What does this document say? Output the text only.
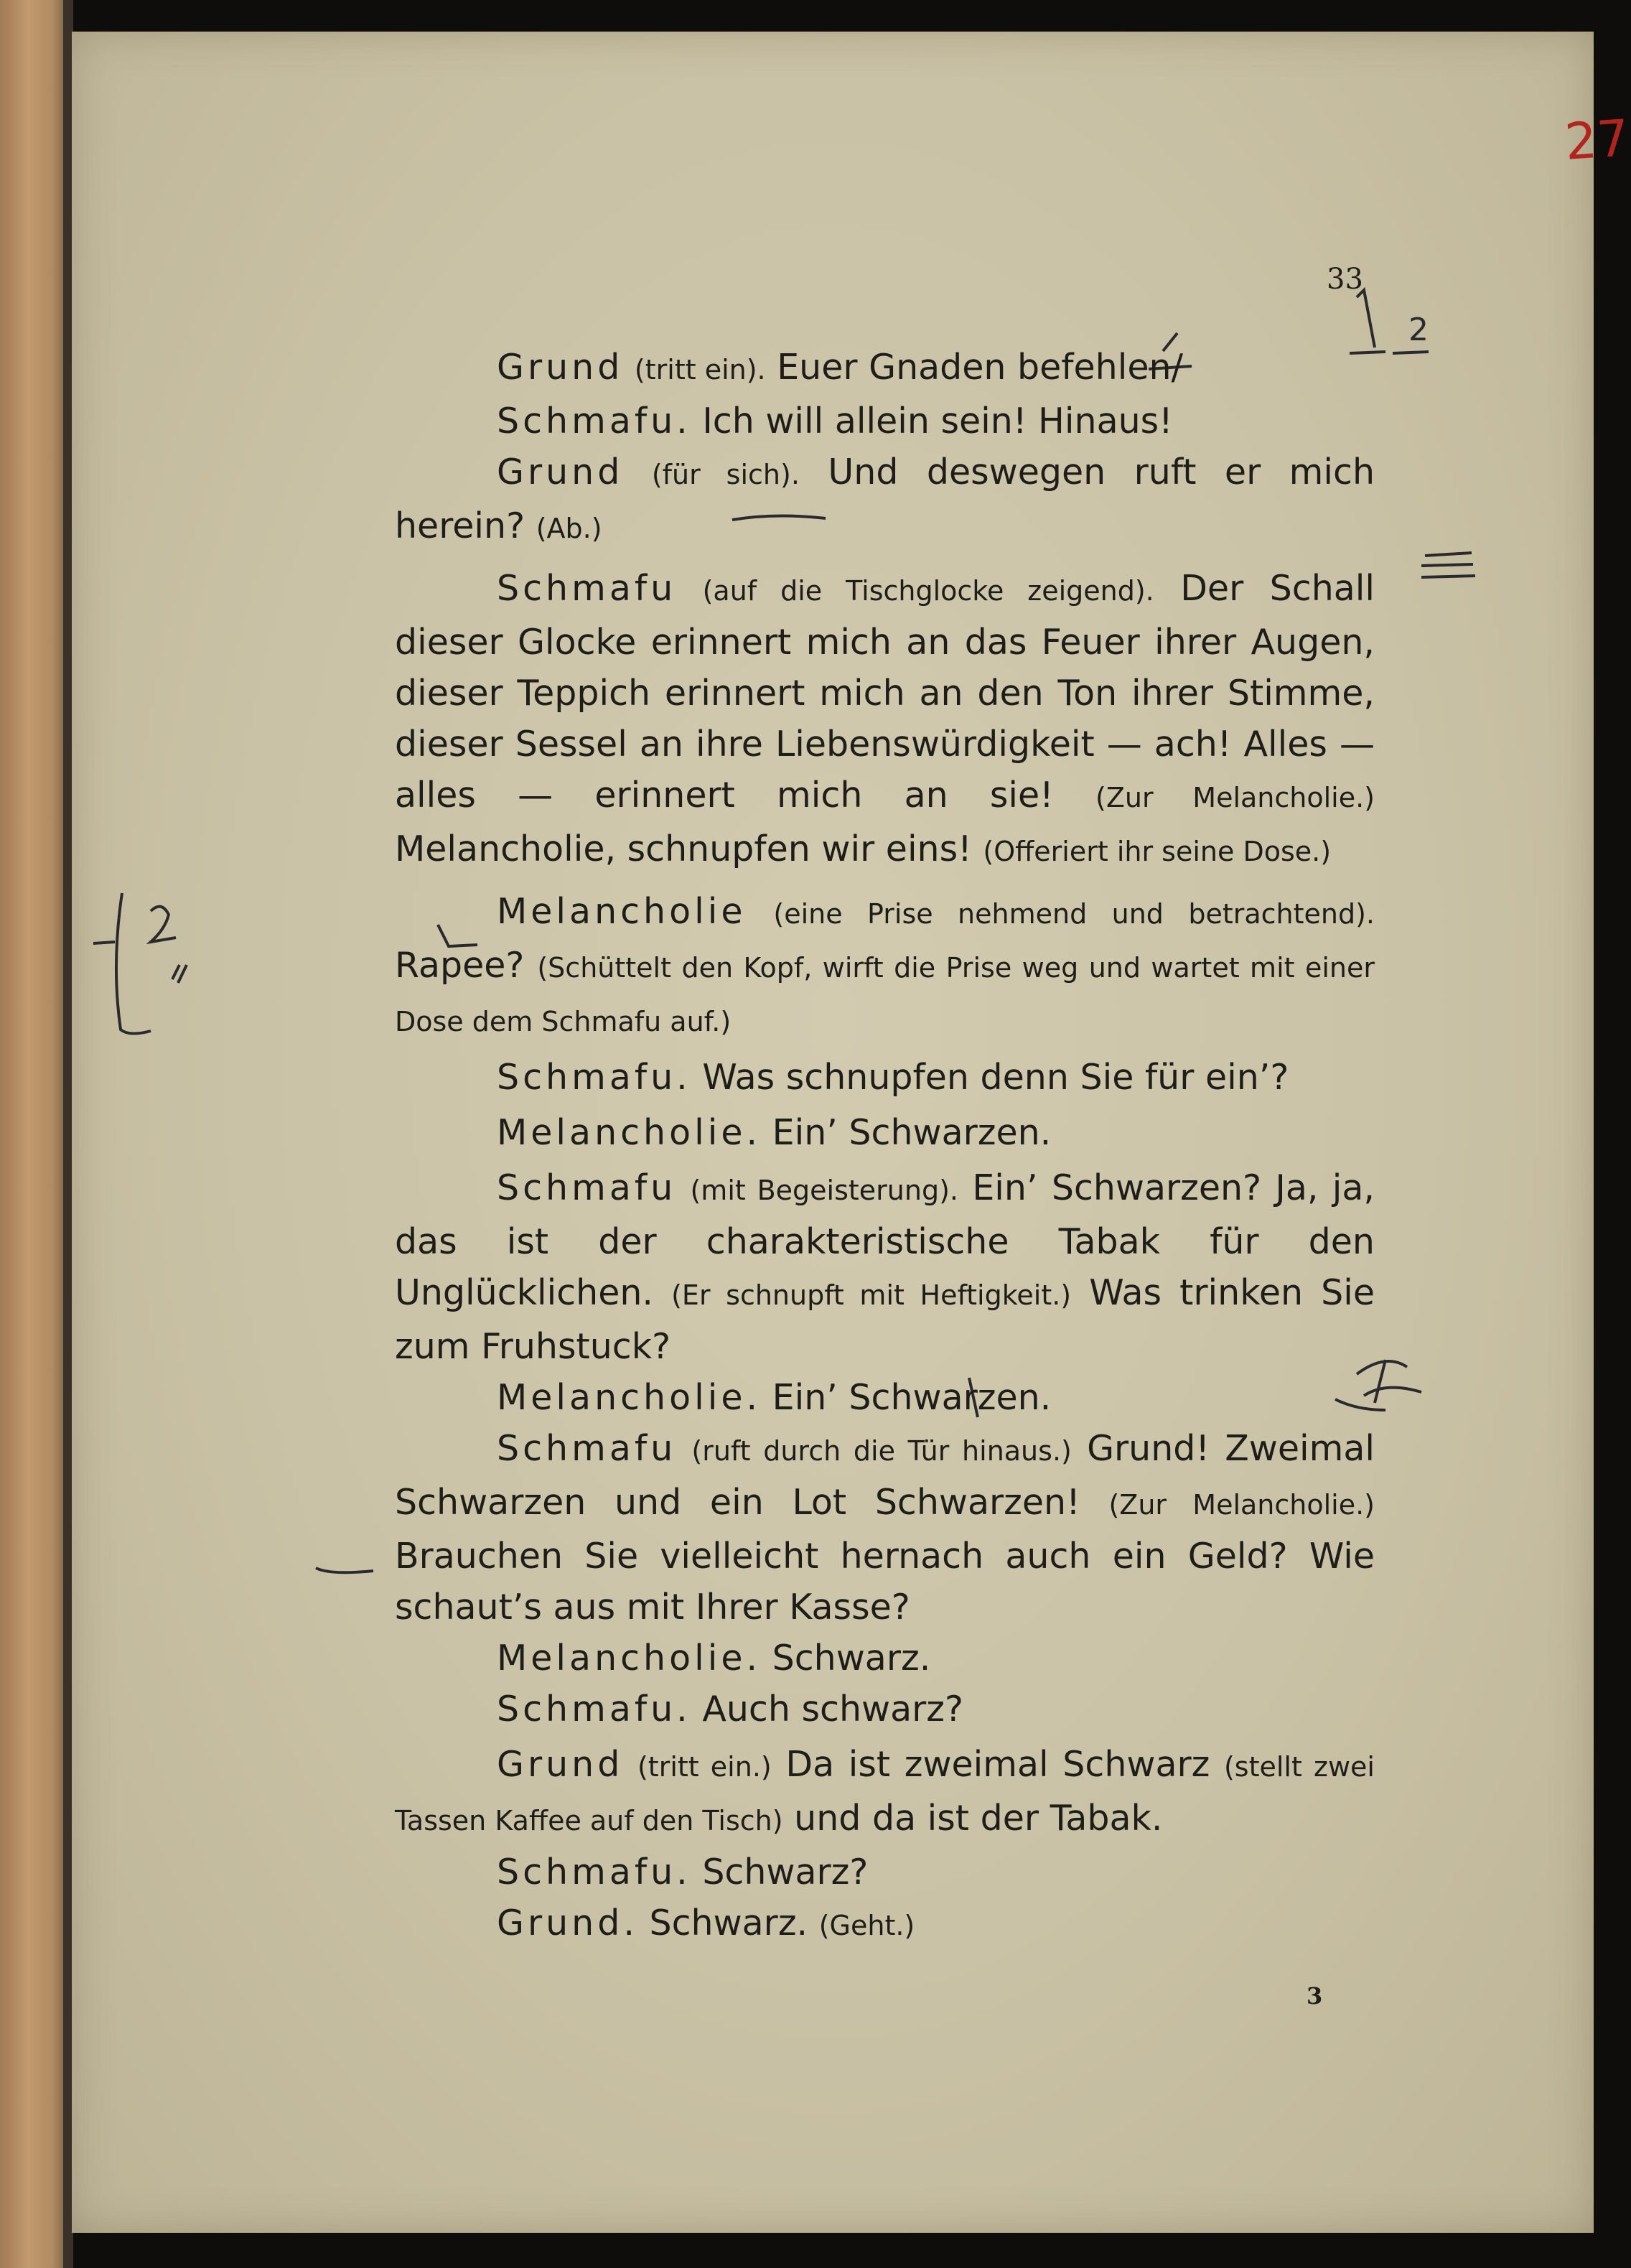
27
33
2

Grund (tritt ein). Euer Gnaden befehlen/

Schmafu. Ich will allein sein! Hinaus!

Grund (für sich). Und deswegen ruft er mich herein? (Ab.)

Schmafu (auf die Tischglocke zeigend). Der Schall dieser Glocke erinnert mich an das Feuer ihrer Augen, dieser Teppich erinnert mich an den Ton ihrer Stimme, dieser Sessel an ihre Liebenswürdigkeit — ach! Alles — alles — erinnert mich an sie! (Zur Melancholie.) Melancholie, schnupfen wir eins! (Offeriert ihr seine Dose.)

Melancholie (eine Prise nehmend und betrachtend). Rapee? (Schüttelt den Kopf, wirft die Prise weg und wartet mit einer Dose dem Schmafu auf.)

Schmafu. Was schnupfen denn Sie für ein’?

Melancholie. Ein’ Schwarzen.

Schmafu (mit Begeisterung). Ein’ Schwarzen? Ja, ja, das ist der charakteristische Tabak für den Unglücklichen. (Er schnupft mit Heftigkeit.) Was trinken Sie zum Fruhstuck?

Melancholie. Ein’ Schwarzen.

Schmafu (ruft durch die Tür hinaus.) Grund! Zweimal Schwarzen und ein Lot Schwarzen! (Zur Melancholie.) Brauchen Sie vielleicht hernach auch ein Geld? Wie schaut’s aus mit Ihrer Kasse?

Melancholie. Schwarz.

Schmafu. Auch schwarz?

Grund (tritt ein.) Da ist zweimal Schwarz (stellt zwei Tassen Kaffee auf den Tisch) und da ist der Tabak.

Schmafu. Schwarz?

Grund. Schwarz. (Geht.)

3
